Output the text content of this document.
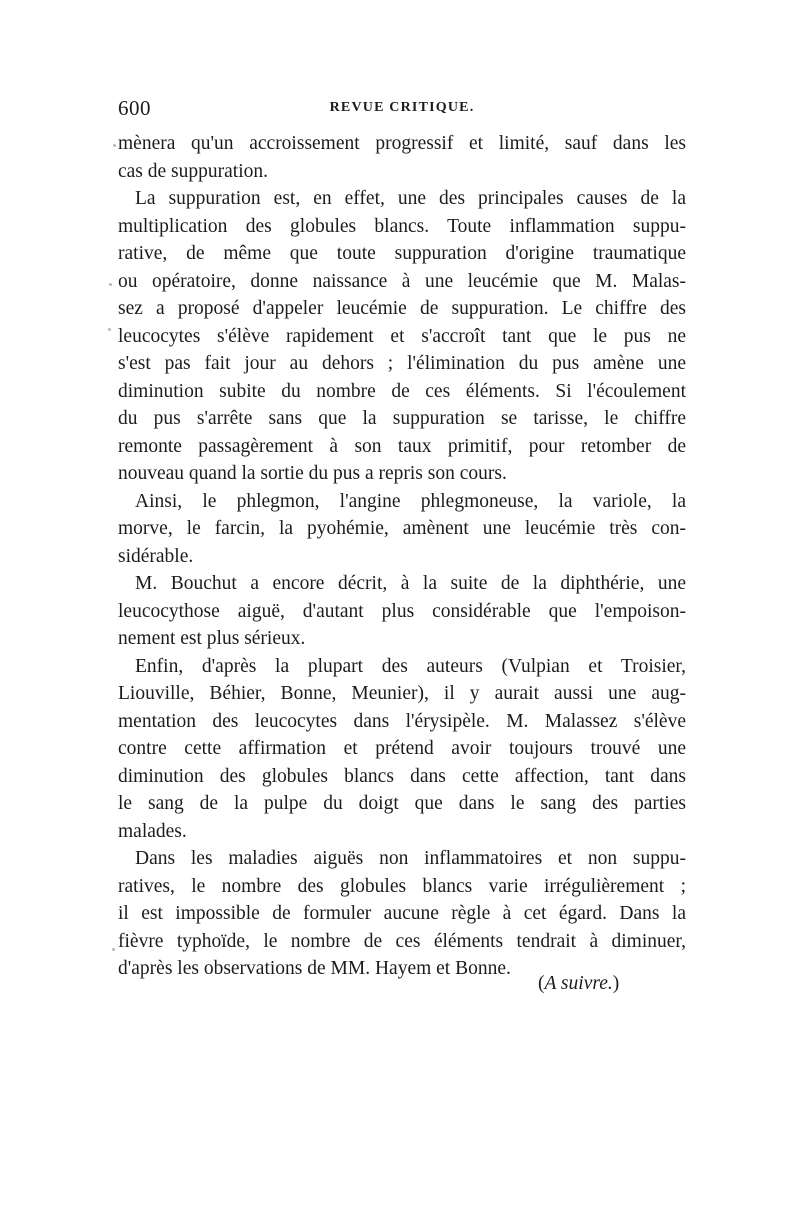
600	REVUE CRITIQUE.
mènera qu'un accroissement progressif et limité, sauf dans les
cas de suppuration.
La suppuration est, en effet, une des principales causes de la
multiplication des globules blancs. Toute inflammation suppu-
rative, de même que toute suppuration d'origine traumatique
ou opératoire, donne naissance à une leucémie que M. Malas-
sez a proposé d'appeler leucémie de suppuration. Le chiffre des
leucocytes s'élève rapidement et s'accroît tant que le pus ne
s'est pas fait jour au dehors ; l'élimination du pus amène une
diminution subite du nombre de ces éléments. Si l'écoulement
du pus s'arrête sans que la suppuration se tarisse, le chiffre
remonte passagèrement à son taux primitif, pour retomber de
nouveau quand la sortie du pus a repris son cours.
Ainsi, le phlegmon, l'angine phlegmoneuse, la variole, la
morve, le farcin, la pyohémie, amènent une leucémie très con-
sidérable.
M. Bouchut a encore décrit, à la suite de la diphthérie, une
leucocythose aiguë, d'autant plus considérable que l'empoison-
nement est plus sérieux.
Enfin, d'après la plupart des auteurs (Vulpian et Troisier,
Liouville, Béhier, Bonne, Meunier), il y aurait aussi une aug-
mentation des leucocytes dans l'érysipèle. M. Malassez s'élève
contre cette affirmation et prétend avoir toujours trouvé une
diminution des globules blancs dans cette affection, tant dans
le sang de la pulpe du doigt que dans le sang des parties
malades.
Dans les maladies aiguës non inflammatoires et non suppu-
ratives, le nombre des globules blancs varie irrégulièrement ;
il est impossible de formuler aucune règle à cet égard. Dans la
fièvre typhoïde, le nombre de ces éléments tendrait à diminuer,
d'après les observations de MM. Hayem et Bonne.
(A suivre.)
